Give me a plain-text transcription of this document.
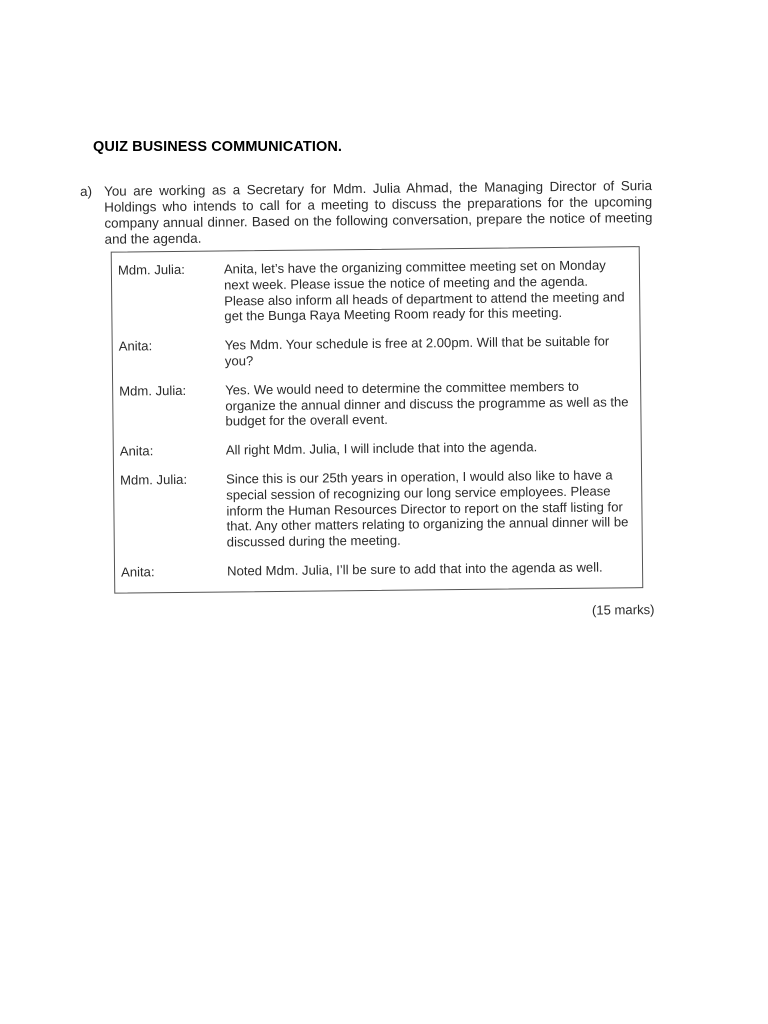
QUIZ BUSINESS COMMUNICATION.
a) You are working as a Secretary for Mdm. Julia Ahmad, the Managing Director of Suria Holdings who intends to call for a meeting to discuss the preparations for the upcoming company annual dinner. Based on the following conversation, prepare the notice of meeting and the agenda.
Mdm. Julia:	Anita, let’s have the organizing committee meeting set on Monday next week. Please issue the notice of meeting and the agenda. Please also inform all heads of department to attend the meeting and get the Bunga Raya Meeting Room ready for this meeting.
Anita:	Yes Mdm. Your schedule is free at 2.00pm. Will that be suitable for you?
Mdm. Julia:	Yes. We would need to determine the committee members to organize the annual dinner and discuss the programme as well as the budget for the overall event.
Anita:	All right Mdm. Julia, I will include that into the agenda.
Mdm. Julia:	Since this is our 25th years in operation, I would also like to have a special session of recognizing our long service employees. Please inform the Human Resources Director to report on the staff listing for that. Any other matters relating to organizing the annual dinner will be discussed during the meeting.
Anita:	Noted Mdm. Julia, I’ll be sure to add that into the agenda as well.
(15 marks)
